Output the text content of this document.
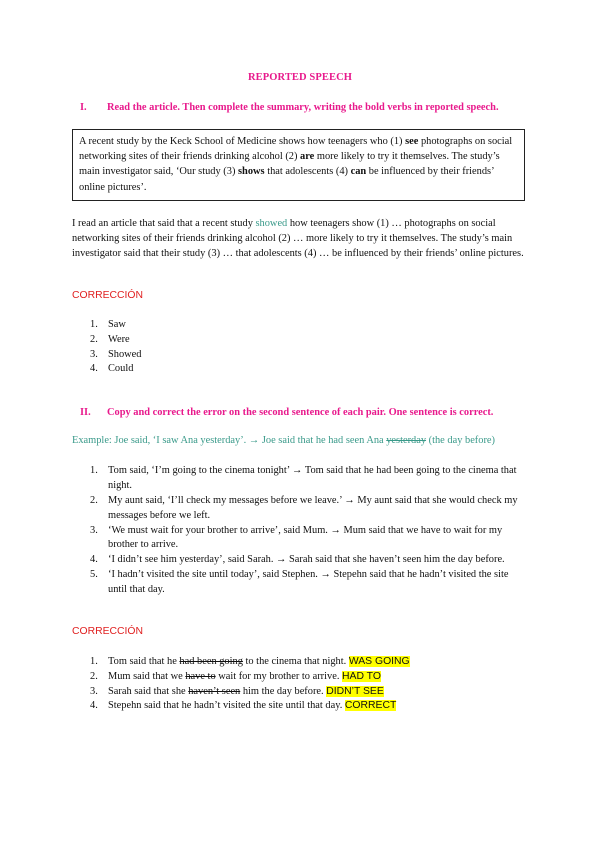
REPORTED SPEECH
I. Read the article. Then complete the summary, writing the bold verbs in reported speech.
A recent study by the Keck School of Medicine shows how teenagers who (1) see photographs on social networking sites of their friends drinking alcohol (2) are more likely to try it themselves. The study’s main investigator said, ‘Our study (3) shows that adolescents (4) can be influenced by their friends’ online pictures’.
I read an article that said that a recent study showed how teenagers show (1) … photographs on social networking sites of their friends drinking alcohol (2) … more likely to try it themselves. The study’s main investigator said that their study (3) … that adolescents (4) … be influenced by their friends’ online pictures.
CORRECCIÓN
1. Saw
2. Were
3. Showed
4. Could
II. Copy and correct the error on the second sentence of each pair. One sentence is correct.
Example: Joe said, ‘I saw Ana yesterday’. → Joe said that he had seen Ana yesterday (the day before)
1. Tom said, ‘I’m going to the cinema tonight’ → Tom said that he had been going to the cinema that night.
2. My aunt said, ‘I’ll check my messages before we leave.’ → My aunt said that she would check my messages before we left.
3. ‘We must wait for your brother to arrive’, said Mum. → Mum said that we have to wait for my brother to arrive.
4. ‘I didn’t see him yesterday’, said Sarah. → Sarah said that she haven’t seen him the day before.
5. ‘I hadn’t visited the site until today’, said Stephen. → Stepehn said that he hadn’t visited the site until that day.
CORRECCIÓN
1. Tom said that he had been going to the cinema that night. WAS GOING
2. Mum said that we have to wait for my brother to arrive. HAD TO
3. Sarah said that she haven’t seen him the day before. DIDN’T SEE
4. Stepehn said that he hadn’t visited the site until that day. CORRECT
